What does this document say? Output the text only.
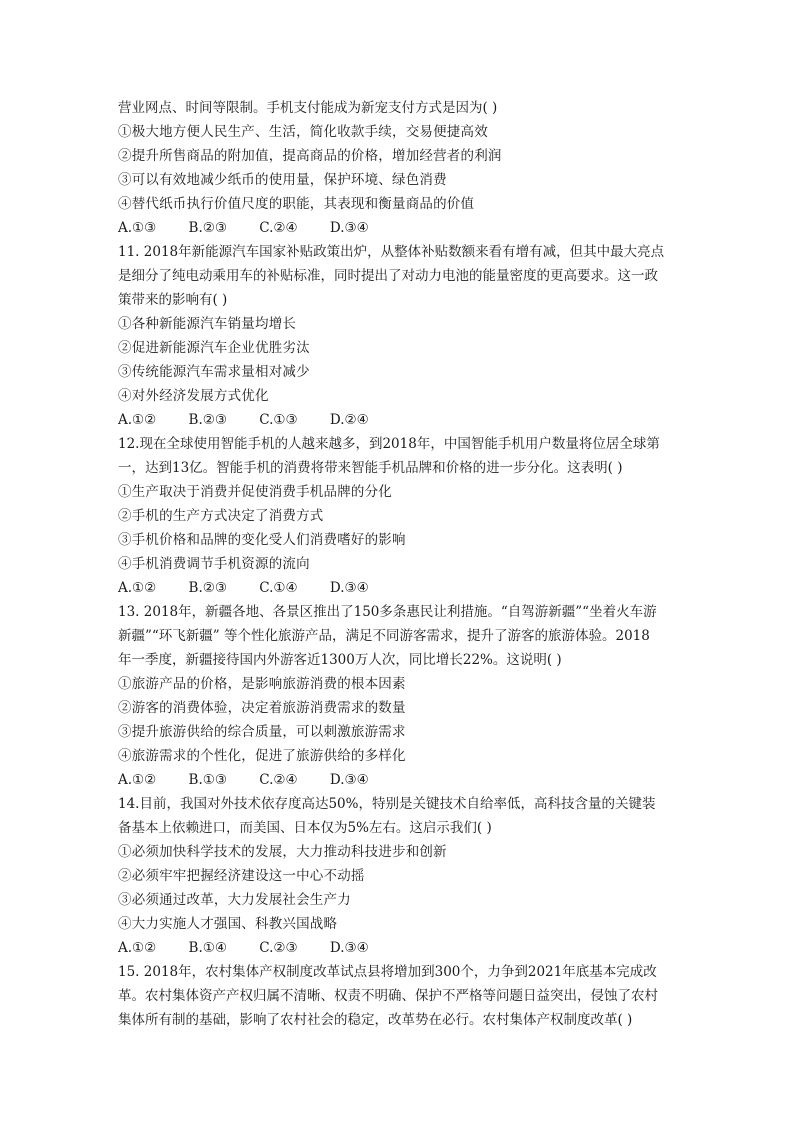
营业网点、时间等限制。手机支付能成为新宠支付方式是因为( )
①极大地方便人民生产、生活，简化收款手续，交易便捷高效
②提升所售商品的附加值，提高商品的价格，增加经营者的利润
③可以有效地减少纸币的使用量，保护环境、绿色消费
④替代纸币执行价值尺度的职能，其表现和衡量商品的价值
A.①③ B.②③ C.②④ D.③④
11. 2018年新能源汽车国家补贴政策出炉，从整体补贴数额来看有增有减，但其中最大亮点
是细分了纯电动乘用车的补贴标准，同时提出了对动力电池的能量密度的更高要求。这一政
策带来的影响有( )
①各种新能源汽车销量均增长
②促进新能源汽车企业优胜劣汰
③传统能源汽车需求量相对减少
④对外经济发展方式优化
A.①② B.②③ C.①③ D.②④
12.现在全球使用智能手机的人越来越多，到2018年，中国智能手机用户数量将位居全球第
一，达到13亿。智能手机的消费将带来智能手机品牌和价格的进一步分化。这表明( )
①生产取决于消费并促使消费手机品牌的分化
②手机的生产方式决定了消费方式
③手机价格和品牌的变化受人们消费嗜好的影响
④手机消费调节手机资源的流向
A.①② B.②③ C.①④ D.③④
13. 2018年，新疆各地、各景区推出了150多条惠民让利措施。“自驾游新疆”“坐着火车游
新疆”“环飞新疆” 等个性化旅游产品，满足不同游客需求，提升了游客的旅游体验。2018
年一季度，新疆接待国内外游客近1300万人次，同比增长22%。这说明( )
①旅游产品的价格，是影响旅游消费的根本因素
②游客的消费体验，决定着旅游消费需求的数量
③提升旅游供给的综合质量，可以刺激旅游需求
④旅游需求的个性化，促进了旅游供给的多样化
A.①② B.①③ C.②④ D.③④
14.目前，我国对外技术依存度高达50%，特别是关键技术自给率低，高科技含量的关键装
备基本上依赖进口，而美国、日本仅为5%左右。这启示我们( )
①必须加快科学技术的发展，大力推动科技进步和创新
②必须牢牢把握经济建设这一中心不动摇
③必须通过改革，大力发展社会生产力
④大力实施人才强国、科教兴国战略
A.①② B.①④ C.②③ D.③④
15. 2018年，农村集体产权制度改革试点县将增加到300个，力争到2021年底基本完成改
革。农村集体资产产权归属不清晰、权责不明确、保护不严格等问题日益突出，侵蚀了农村
集体所有制的基础，影响了农村社会的稳定，改革势在必行。农村集体产权制度改革( )
